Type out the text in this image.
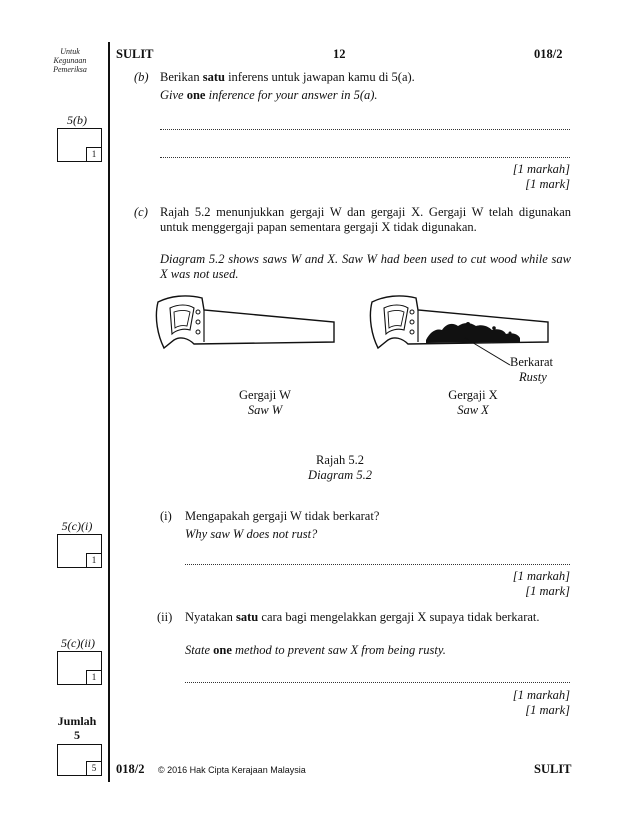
Untuk
Kegunaan
Pemeriksa
5(b)
1
5(c)(i)
1
5(c)(ii)
1
Jumlah
5
5
SULIT	12	018/2
(b) Berikan satu inferens untuk jawapan kamu di 5(a).
Give one inference for your answer in 5(a).
[1 markah]
[1 mark]
(c) Rajah 5.2 menunjukkan gergaji W dan gergaji X. Gergaji W telah digunakan untuk menggergaji papan sementara gergaji X tidak digunakan.
Diagram 5.2 shows saws W and X. Saw W had been used to cut wood while saw X was not used.
Berkarat
Rusty
Gergaji W
Saw W
Gergaji X
Saw X
Rajah 5.2
Diagram 5.2
(i) Mengapakah gergaji W tidak berkarat?
Why saw W does not rust?
[1 markah]
[1 mark]
(ii) Nyatakan satu cara bagi mengelakkan gergaji X supaya tidak berkarat.
State one method to prevent saw X from being rusty.
[1 markah]
[1 mark]
018/2 © 2016 Hak Cipta Kerajaan Malaysia	SULIT
